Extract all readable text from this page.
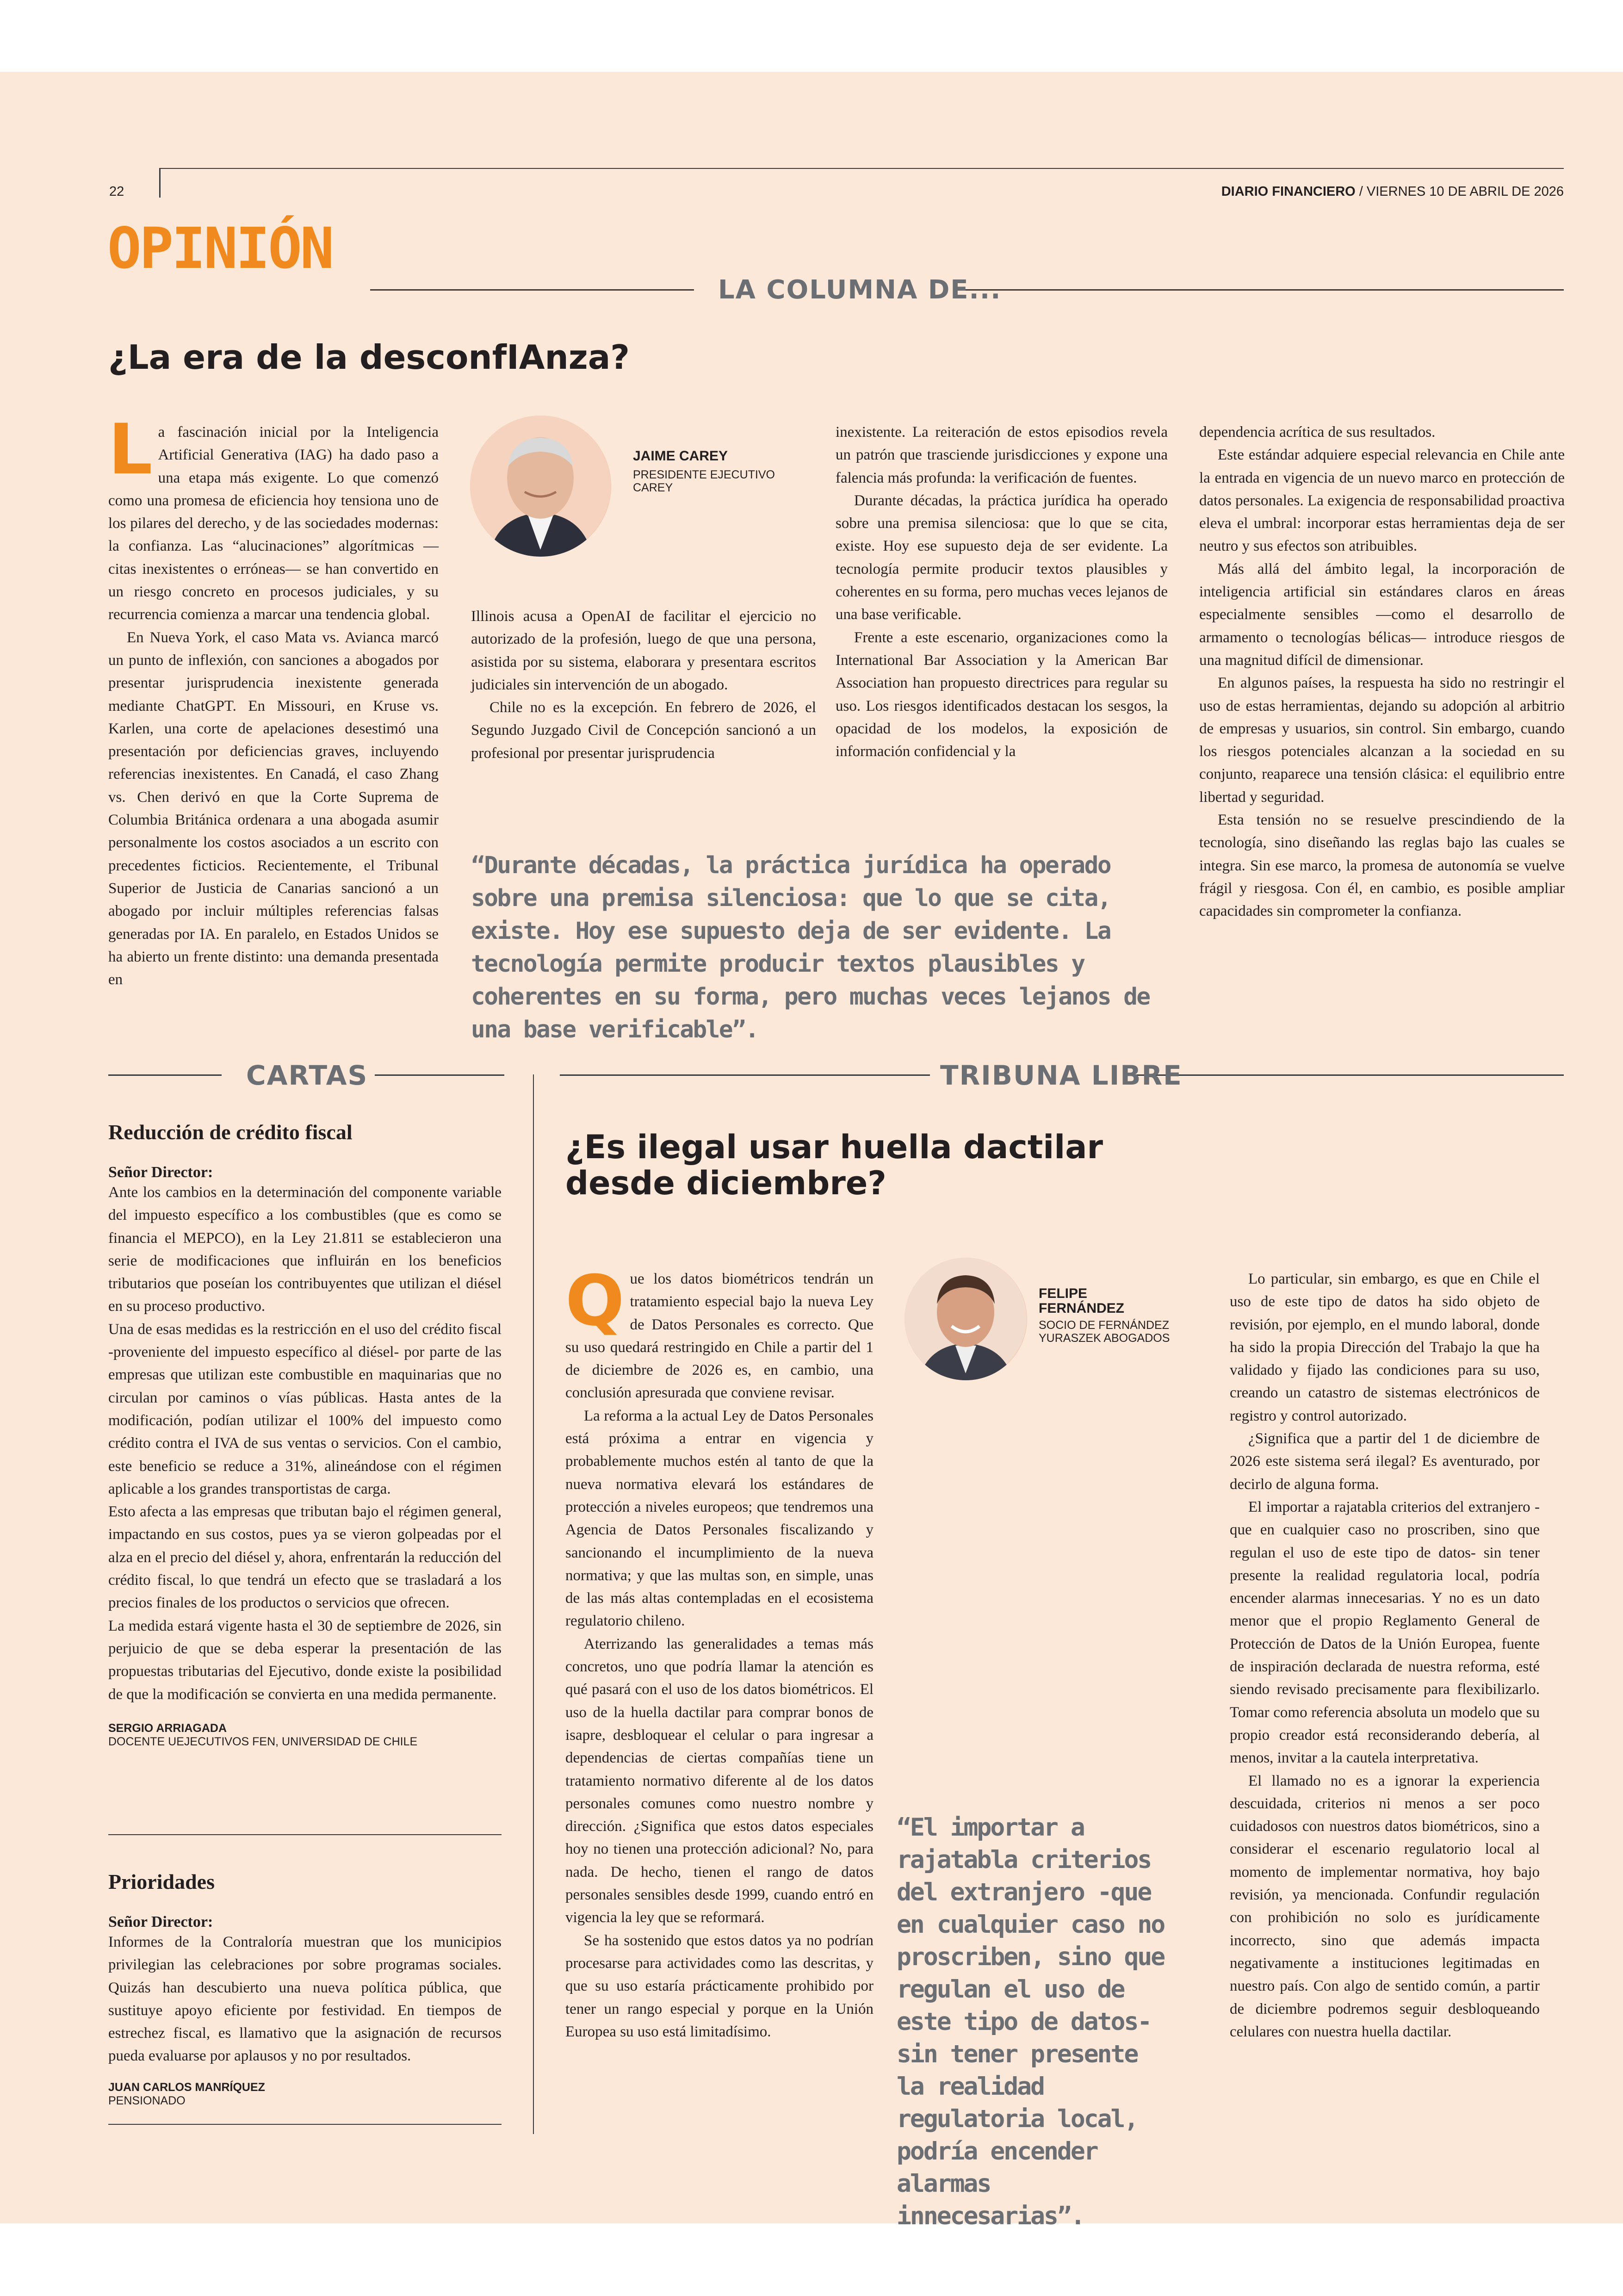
22	DIARIO FINANCIERO / VIERNES 10 DE ABRIL DE 2026
OPINIÓN
LA COLUMNA DE...
¿La era de la desconfIAnza?
L a fascinación inicial por la Inteligencia Artificial Generativa (IAG) ha dado paso a una etapa más exigente. Lo que comenzó como una promesa de eficiencia hoy tensiona uno de los pilares del derecho, y de las sociedades modernas: la confianza. Las “alucinaciones” algorítmicas —citas inexistentes o erróneas— se han convertido en un riesgo concreto en procesos judiciales, y su recurrencia comienza a marcar una tendencia global.

En Nueva York, el caso Mata vs. Avianca marcó un punto de inflexión, con sanciones a abogados por presentar jurisprudencia inexistente generada mediante ChatGPT. En Missouri, en Kruse vs. Karlen, una corte de apelaciones desestimó una presentación por deficiencias graves, incluyendo referencias inexistentes. En Canadá, el caso Zhang vs. Chen derivó en que la Corte Suprema de Columbia Británica ordenara a una abogada asumir personalmente los costos asociados a un escrito con precedentes ficticios. Recientemente, el Tribunal Superior de Justicia de Canarias sancionó a un abogado por incluir múltiples referencias falsas generadas por IA. En paralelo, en Estados Unidos se ha abierto un frente distinto: una demanda presentada en

JAIME CAREY
PRESIDENTE EJECUTIVO CAREY

Illinois acusa a OpenAI de facilitar el ejercicio no autorizado de la profesión, luego de que una persona, asistida por su sistema, elaborara y presentara escritos judiciales sin intervención de un abogado.

Chile no es la excepción. En febrero de 2026, el Segundo Juzgado Civil de Concepción sancionó a un profesional por presentar jurisprudencia

inexistente. La reiteración de estos episodios revela un patrón que trasciende jurisdicciones y expone una falencia más profunda: la verificación de fuentes.

Durante décadas, la práctica jurídica ha operado sobre una premisa silenciosa: que lo que se cita, existe. Hoy ese supuesto deja de ser evidente. La tecnología permite producir textos plausibles y coherentes en su forma, pero muchas veces lejanos de una base verificable.

Frente a este escenario, organizaciones como la International Bar Association y la American Bar Association han propuesto directrices para regular su uso. Los riesgos identificados destacan los sesgos, la opacidad de los modelos, la exposición de información confidencial y la

dependencia acrítica de sus resultados.

Este estándar adquiere especial relevancia en Chile ante la entrada en vigencia de un nuevo marco en protección de datos personales. La exigencia de responsabilidad proactiva eleva el umbral: incorporar estas herramientas deja de ser neutro y sus efectos son atribuibles.

Más allá del ámbito legal, la incorporación de inteligencia artificial sin estándares claros en áreas especialmente sensibles —como el desarrollo de armamento o tecnologías bélicas— introduce riesgos de una magnitud difícil de dimensionar.

En algunos países, la respuesta ha sido no restringir el uso de estas herramientas, dejando su adopción al arbitrio de empresas y usuarios, sin control. Sin embargo, cuando los riesgos potenciales alcanzan a la sociedad en su conjunto, reaparece una tensión clásica: el equilibrio entre libertad y seguridad.

Esta tensión no se resuelve prescindiendo de la tecnología, sino diseñando las reglas bajo las cuales se integra. Sin ese marco, la promesa de autonomía se vuelve frágil y riesgosa. Con él, en cambio, es posible ampliar capacidades sin comprometer la confianza.

“Durante décadas, la práctica jurídica ha operado sobre una premisa silenciosa: que lo que se cita, existe. Hoy ese supuesto deja de ser evidente. La tecnología permite producir textos plausibles y coherentes en su forma, pero muchas veces lejanos de una base verificable”.
CARTAS	TRIBUNA LIBRE
Reducción de crédito fiscal
Señor Director:
Ante los cambios en la determinación del componente variable del impuesto específico a los combustibles (que es como se financia el MEPCO), en la Ley 21.811 se establecieron una serie de modificaciones que influirán en los beneficios tributarios que poseían los contribuyentes que utilizan el diésel en su proceso productivo.
Una de esas medidas es la restricción en el uso del crédito fiscal -proveniente del impuesto específico al diésel- por parte de las empresas que utilizan este combustible en maquinarias que no circulan por caminos o vías públicas. Hasta antes de la modificación, podían utilizar el 100% del impuesto como crédito contra el IVA de sus ventas o servicios. Con el cambio, este beneficio se reduce a 31%, alineándose con el régimen aplicable a los grandes transportistas de carga.
Esto afecta a las empresas que tributan bajo el régimen general, impactando en sus costos, pues ya se vieron golpeadas por el alza en el precio del diésel y, ahora, enfrentarán la reducción del crédito fiscal, lo que tendrá un efecto que se trasladará a los precios finales de los productos o servicios que ofrecen.
La medida estará vigente hasta el 30 de septiembre de 2026, sin perjuicio de que se deba esperar la presentación de las propuestas tributarias del Ejecutivo, donde existe la posibilidad de que la modificación se convierta en una medida permanente.
SERGIO ARRIAGADA
DOCENTE UEJECUTIVOS FEN, UNIVERSIDAD DE CHILE
Prioridades
Señor Director:
Informes de la Contraloría muestran que los municipios privilegian las celebraciones por sobre programas sociales. Quizás han descubierto una nueva política pública, que sustituye apoyo eficiente por festividad. En tiempos de estrechez fiscal, es llamativo que la asignación de recursos pueda evaluarse por aplausos y no por resultados.
JUAN CARLOS MANRÍQUEZ
PENSIONADO
¿Es ilegal usar huella dactilar
desde diciembre?
Q ue los datos biométricos tendrán un tratamiento especial bajo la nueva Ley de Datos Personales es correcto. Que su uso quedará restringido en Chile a partir del 1 de diciembre de 2026 es, en cambio, una conclusión apresurada que conviene revisar.

La reforma a la actual Ley de Datos Personales está próxima a entrar en vigencia y probablemente muchos estén al tanto de que la nueva normativa elevará los estándares de protección a niveles europeos; que tendremos una Agencia de Datos Personales fiscalizando y sancionando el incumplimiento de la nueva normativa; y que las multas son, en simple, unas de las más altas contempladas en el ecosistema regulatorio chileno.

Aterrizando las generalidades a temas más concretos, uno que podría llamar la atención es qué pasará con el uso de los datos biométricos. El uso de la huella dactilar para comprar bonos de isapre, desbloquear el celular o para ingresar a dependencias de ciertas compañías tiene un tratamiento normativo diferente al de los datos personales comunes como nuestro nombre y dirección. ¿Significa que estos datos especiales hoy no tienen una protección adicional? No, para nada. De hecho, tienen el rango de datos personales sensibles desde 1999, cuando entró en vigencia la ley que se reformará.

Se ha sostenido que estos datos ya no podrían procesarse para actividades como las descritas, y que su uso estaría prácticamente prohibido por tener un rango especial y porque en la Unión Europea su uso está limitadísimo.

FELIPE
FERNÁNDEZ
SOCIO DE FERNÁNDEZ
YURASZEK ABOGADOS
“El importar a rajatabla criterios del extranjero -que en cualquier caso no proscriben, sino que regulan el uso de este tipo de datos- sin tener presente la realidad regulatoria local, podría encender alarmas innecesarias”.

Lo particular, sin embargo, es que en Chile el uso de este tipo de datos ha sido objeto de revisión, por ejemplo, en el mundo laboral, donde ha sido la propia Dirección del Trabajo la que ha validado y fijado las condiciones para su uso, creando un catastro de sistemas electrónicos de registro y control autorizado.

¿Significa que a partir del 1 de diciembre de 2026 este sistema será ilegal? Es aventurado, por decirlo de alguna forma.

El importar a rajatabla criterios del extranjero -que en cualquier caso no proscriben, sino que regulan el uso de este tipo de datos- sin tener presente la realidad regulatoria local, podría encender alarmas innecesarias. Y no es un dato menor que el propio Reglamento General de Protección de Datos de la Unión Europea, fuente de inspiración declarada de nuestra reforma, esté siendo revisado precisamente para flexibilizarlo. Tomar como referencia absoluta un modelo que su propio creador está reconsiderando debería, al menos, invitar a la cautela interpretativa.

El llamado no es a ignorar la experiencia descuidada, criterios ni menos a ser poco cuidadosos con nuestros datos biométricos, sino a considerar el escenario regulatorio local al momento de implementar normativa, hoy bajo revisión, ya mencionada. Confundir regulación con prohibición no solo es jurídicamente incorrecto, sino que además impacta negativamente a instituciones legitimadas en nuestro país. Con algo de sentido común, a partir de diciembre podremos seguir desbloqueando celulares con nuestra huella dactilar.
